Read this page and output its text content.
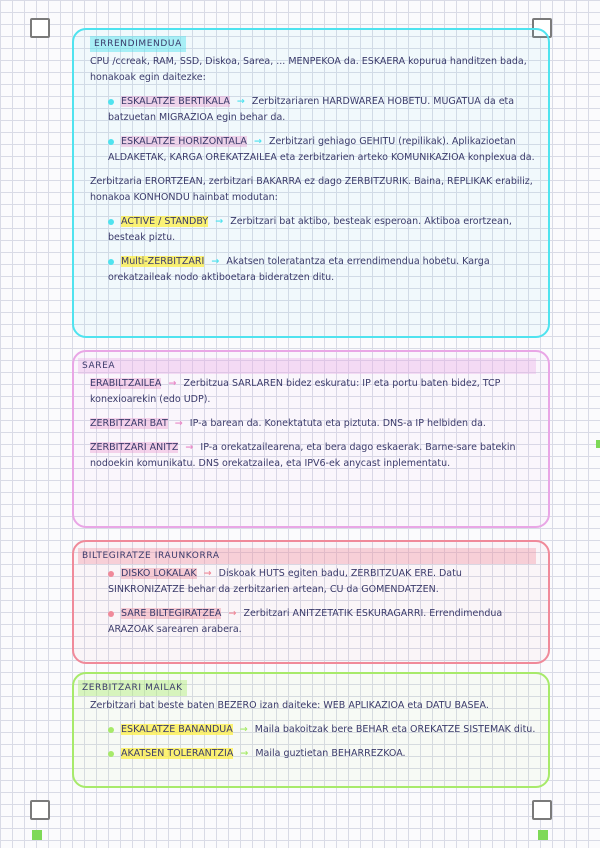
ERRENDIMENDUA

CPU /ccreak, RAM, SSD, Diskoa, Sarea, ... MENPEKOA da. ESKAERA kopurua handitzen bada, honakoak egin daitezke:

ESKALATZE BERTIKALA → Zerbitzariaren HARDWAREA HOBETU. MUGATUA da eta batzuetan MIGRAZIOA egin behar da.

ESKALATZE HORIZONTALA → Zerbitzari gehiago GEHITU (repilikak). Aplikazioetan ALDAKETAK, KARGA OREKATZAILEA eta zerbitzarien arteko KOMUNIKAZIOA konplexua da.

Zerbitzaria ERORTZEAN, zerbitzari BAKARRA ez dago ZERBITZURIK. Baina, REPLIKAK erabiliz, honakoa KONHONDU hainbat modutan:

ACTIVE / STANDBY → Zerbitzari bat aktibo, besteak esperoan. Aktiboa erortzean, besteak piztu.

Multi-ZERBITZARI → Akatsen toleratantza eta errendimendua hobetu. Karga orekatzaileak nodo aktiboetara bideratzen ditu.

SAREA

ERABILTZAILEA → Zerbitzua SARLAREN bidez eskuratu: IP eta portu baten bidez, TCP konexioarekin (edo UDP).

ZERBITZARI BAT → IP-a barean da. Konektatuta eta piztuta. DNS-a IP helbiden da.

ZERBITZARI ANITZ → IP-a orekatzailearena, eta bera dago eskaerak. Barne-sare batekin nodoekin komunikatu. DNS orekatzailea, eta IPV6-ek anycast inplementatu.

BILTEGIRATZE IRAUNKORRA

DISKO LOKALAK → Diskoak HUTS egiten badu, ZERBITZUAK ERE. Datu SINKRONIZATZE behar da zerbitzarien artean, CU da GOMENDATZEN.

SARE BILTEGIRATZEA → Zerbitzari ANITZETATIK ESKURAGARRI. Errendimendua ARAZOAK sarearen arabera.

ZERBITZARI MAILAK

Zerbitzari bat beste baten BEZERO izan daiteke: WEB APLIKAZIOA eta DATU BASEA.

ESKALATZE BANANDUA → Maila bakoitzak bere BEHAR eta OREKATZE SISTEMAK ditu.

AKATSEN TOLERANTZIA → Maila guztietan BEHARREZKOA.
